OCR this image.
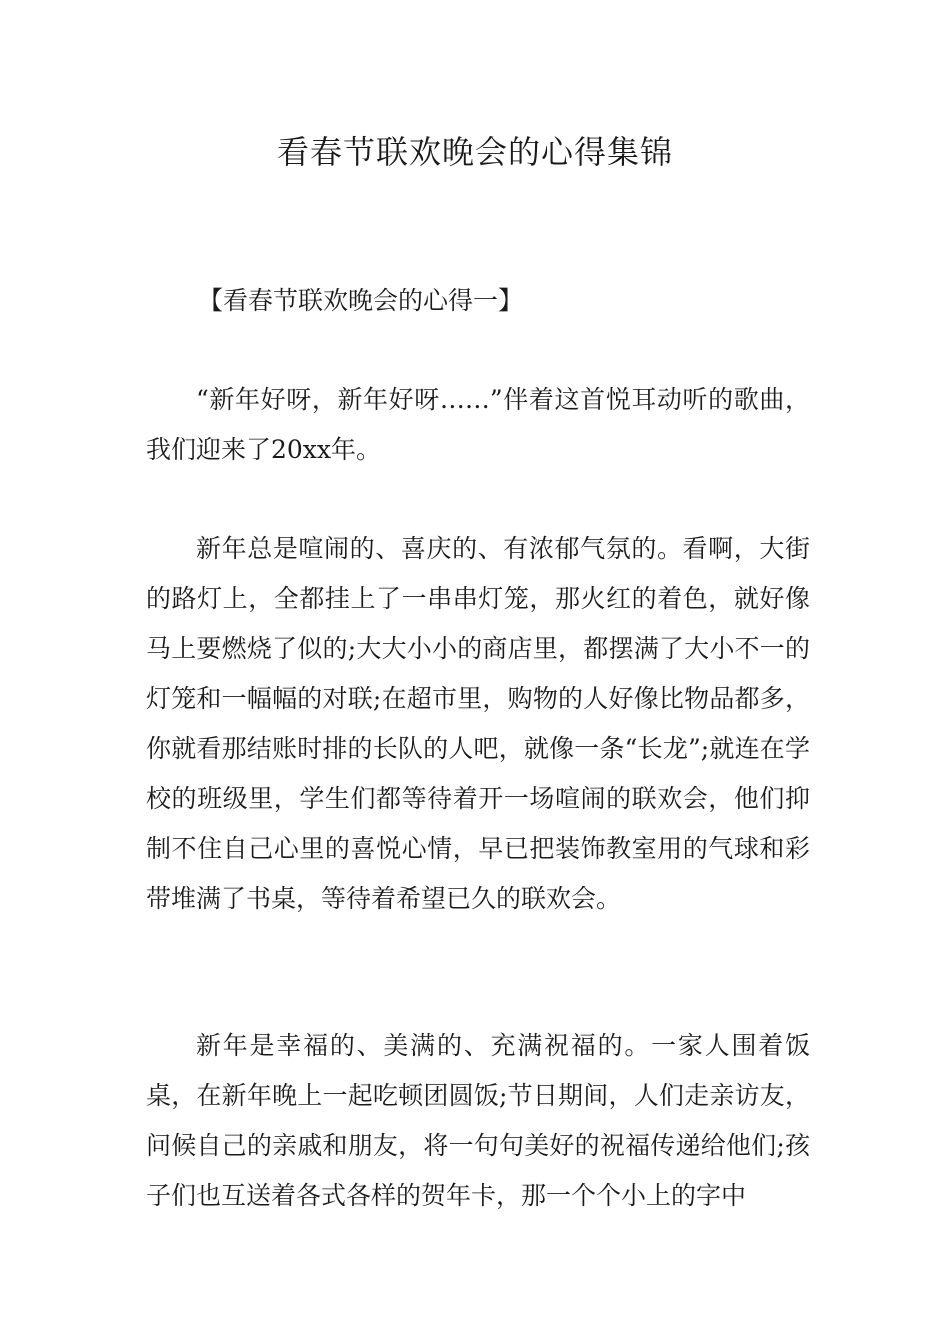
看春节联欢晚会的心得集锦

【看春节联欢晚会的心得一】

“新年好呀，新年好呀……”伴着这首悦耳动听的歌曲，我们迎来了20xx年。

新年总是喧闹的、喜庆的、有浓郁气氛的。看啊，大街的路灯上，全都挂上了一串串灯笼，那火红的着色，就好像马上要燃烧了似的;大大小小的商店里，都摆满了大小不一的灯笼和一幅幅的对联;在超市里，购物的人好像比物品都多，你就看那结账时排的长队的人吧，就像一条“长龙”;就连在学校的班级里，学生们都等待着开一场喧闹的联欢会，他们抑制不住自己心里的喜悦心情，早已把装饰教室用的气球和彩带堆满了书桌，等待着希望已久的联欢会。

新年是幸福的、美满的、充满祝福的。一家人围着饭桌，在新年晚上一起吃顿团圆饭;节日期间，人们走亲访友，问候自己的亲戚和朋友，将一句句美好的祝福传递给他们;孩子们也互送着各式各样的贺年卡，那一个个小上的字中
